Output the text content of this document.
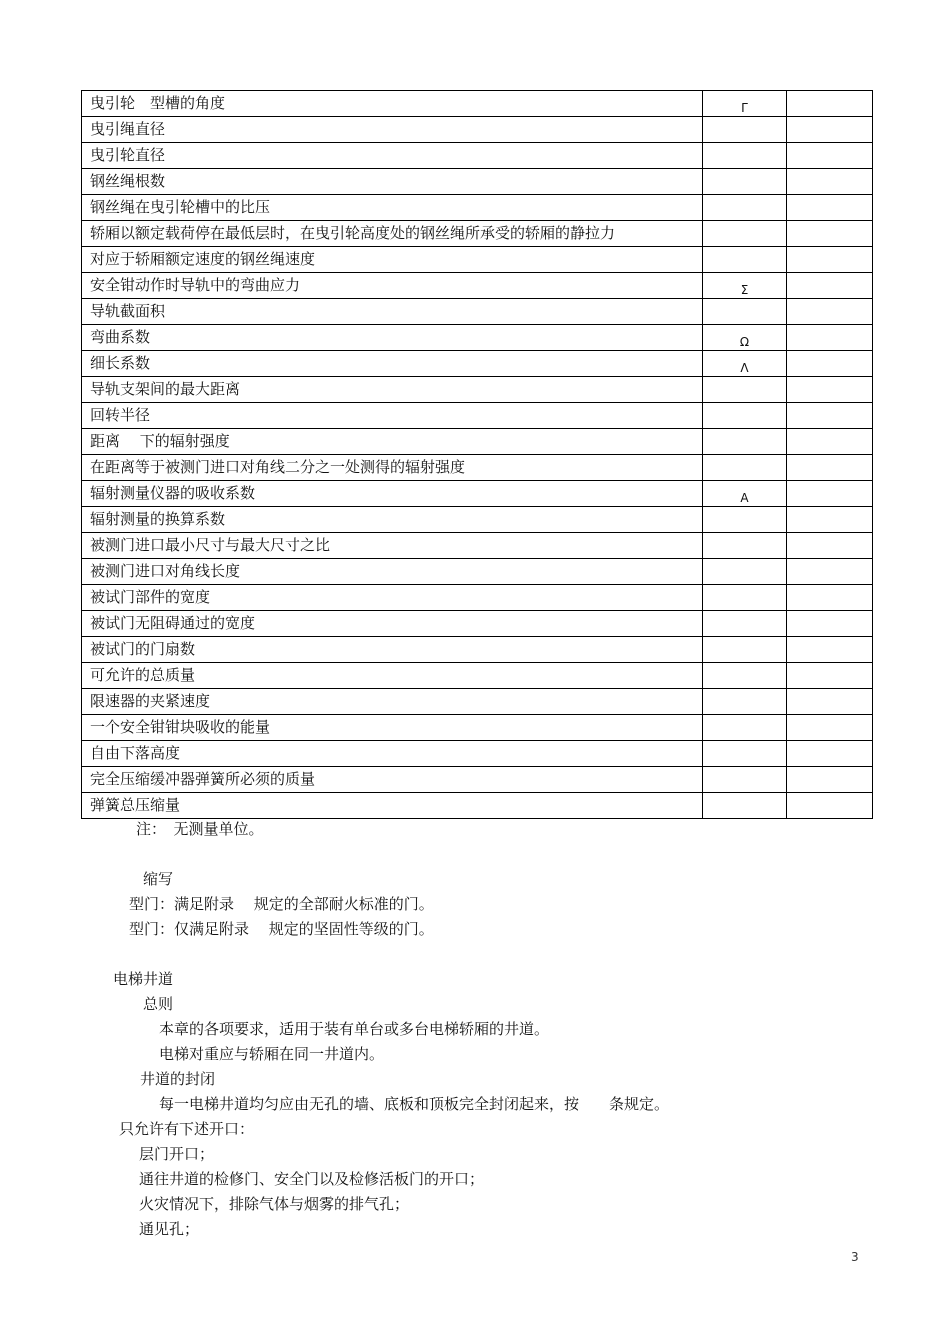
曳引轮　型槽的角度	Γ	
曳引绳直径		
曳引轮直径		
钢丝绳根数		
钢丝绳在曳引轮槽中的比压		
轿厢以额定载荷停在最低层时，在曳引轮高度处的钢丝绳所承受的轿厢的静拉力		
对应于轿厢额定速度的钢丝绳速度		
安全钳动作时导轨中的弯曲应力	Σ	
导轨截面积		
弯曲系数	Ω	
细长系数	Λ	
导轨支架间的最大距离		
回转半径		
距离　 下的辐射强度		
在距离等于被测门进口对角线二分之一处测得的辐射强度		
辐射测量仪器的吸收系数	Α	
辐射测量的换算系数		
被测门进口最小尺寸与最大尺寸之比		
被测门进口对角线长度		
被试门部件的宽度		
被试门无阻碍通过的宽度		
被试门的门扇数		
可允许的总质量		
限速器的夹紧速度		
一个安全钳钳块吸收的能量		
自由下落高度		
完全压缩缓冲器弹簧所必须的质量		
弹簧总压缩量		
注：　无测量单位。
缩写
型门：满足附录　 规定的全部耐火标准的门。
型门：仅满足附录　 规定的坚固性等级的门。
电梯井道
总则
本章的各项要求，适用于装有单台或多台电梯轿厢的井道。
电梯对重应与轿厢在同一井道内。
井道的封闭
每一电梯井道均匀应由无孔的墙、底板和顶板完全封闭起来，按　　条规定。
只允许有下述开口：
层门开口；
通往井道的检修门、安全门以及检修活板门的开口；
火灾情况下，排除气体与烟雾的排气孔；
通见孔；
3
